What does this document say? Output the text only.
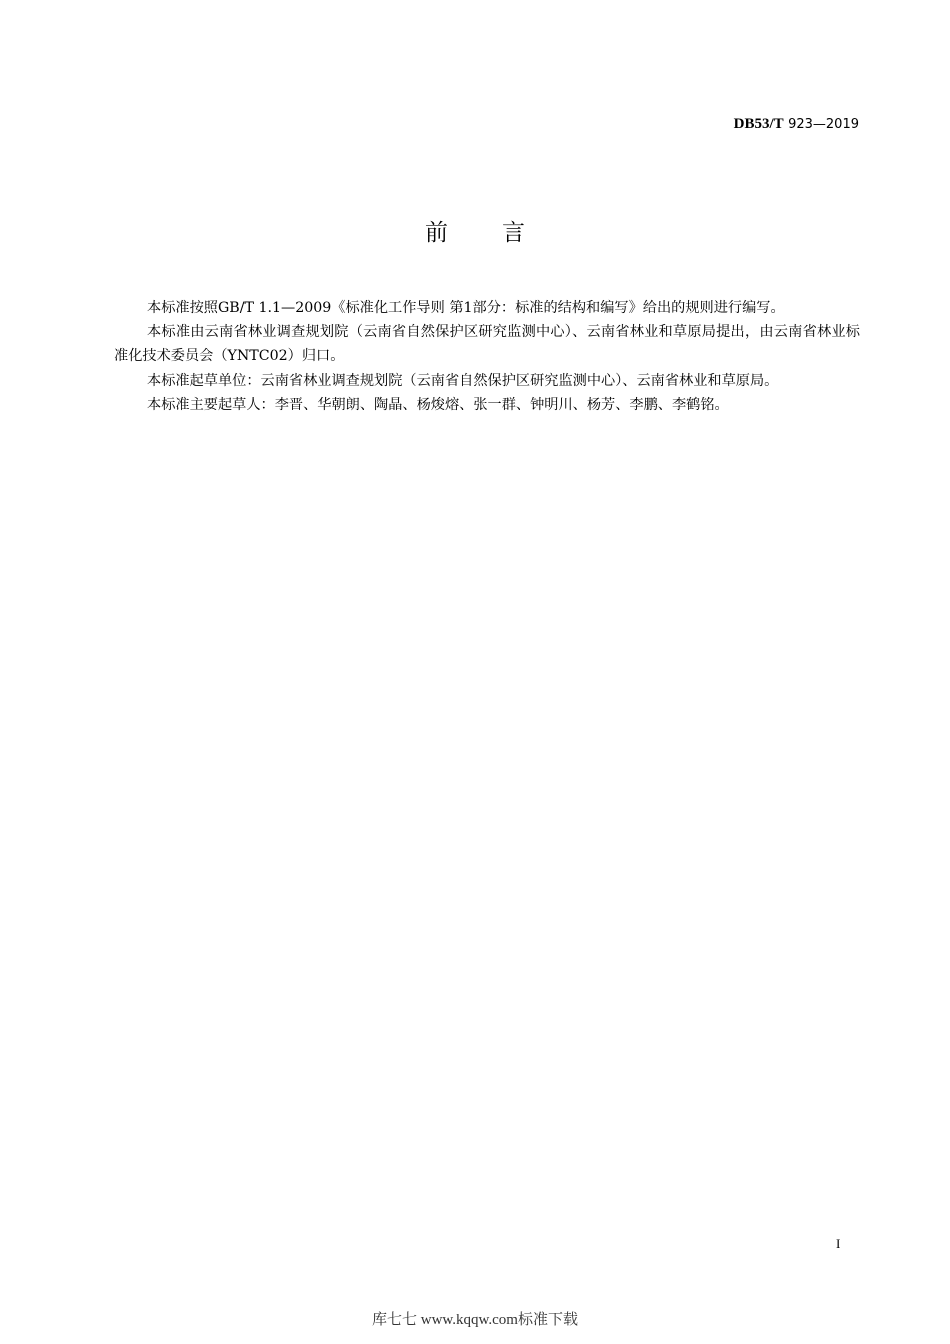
DB53/T 923—2019
前言

本标准按照GB/T 1.1—2009《标准化工作导则 第1部分：标准的结构和编写》给出的规则进行编写。

本标准由云南省林业调查规划院（云南省自然保护区研究监测中心）、云南省林业和草原局提出，由云南省林业标准化技术委员会（YNTC02）归口。

本标准起草单位：云南省林业调查规划院（云南省自然保护区研究监测中心）、云南省林业和草原局。

本标准主要起草人：李晋、华朝朗、陶晶、杨焌熔、张一群、钟明川、杨芳、李鹏、李鹤铭。

I
库七七 www.kqqw.com标准下载
